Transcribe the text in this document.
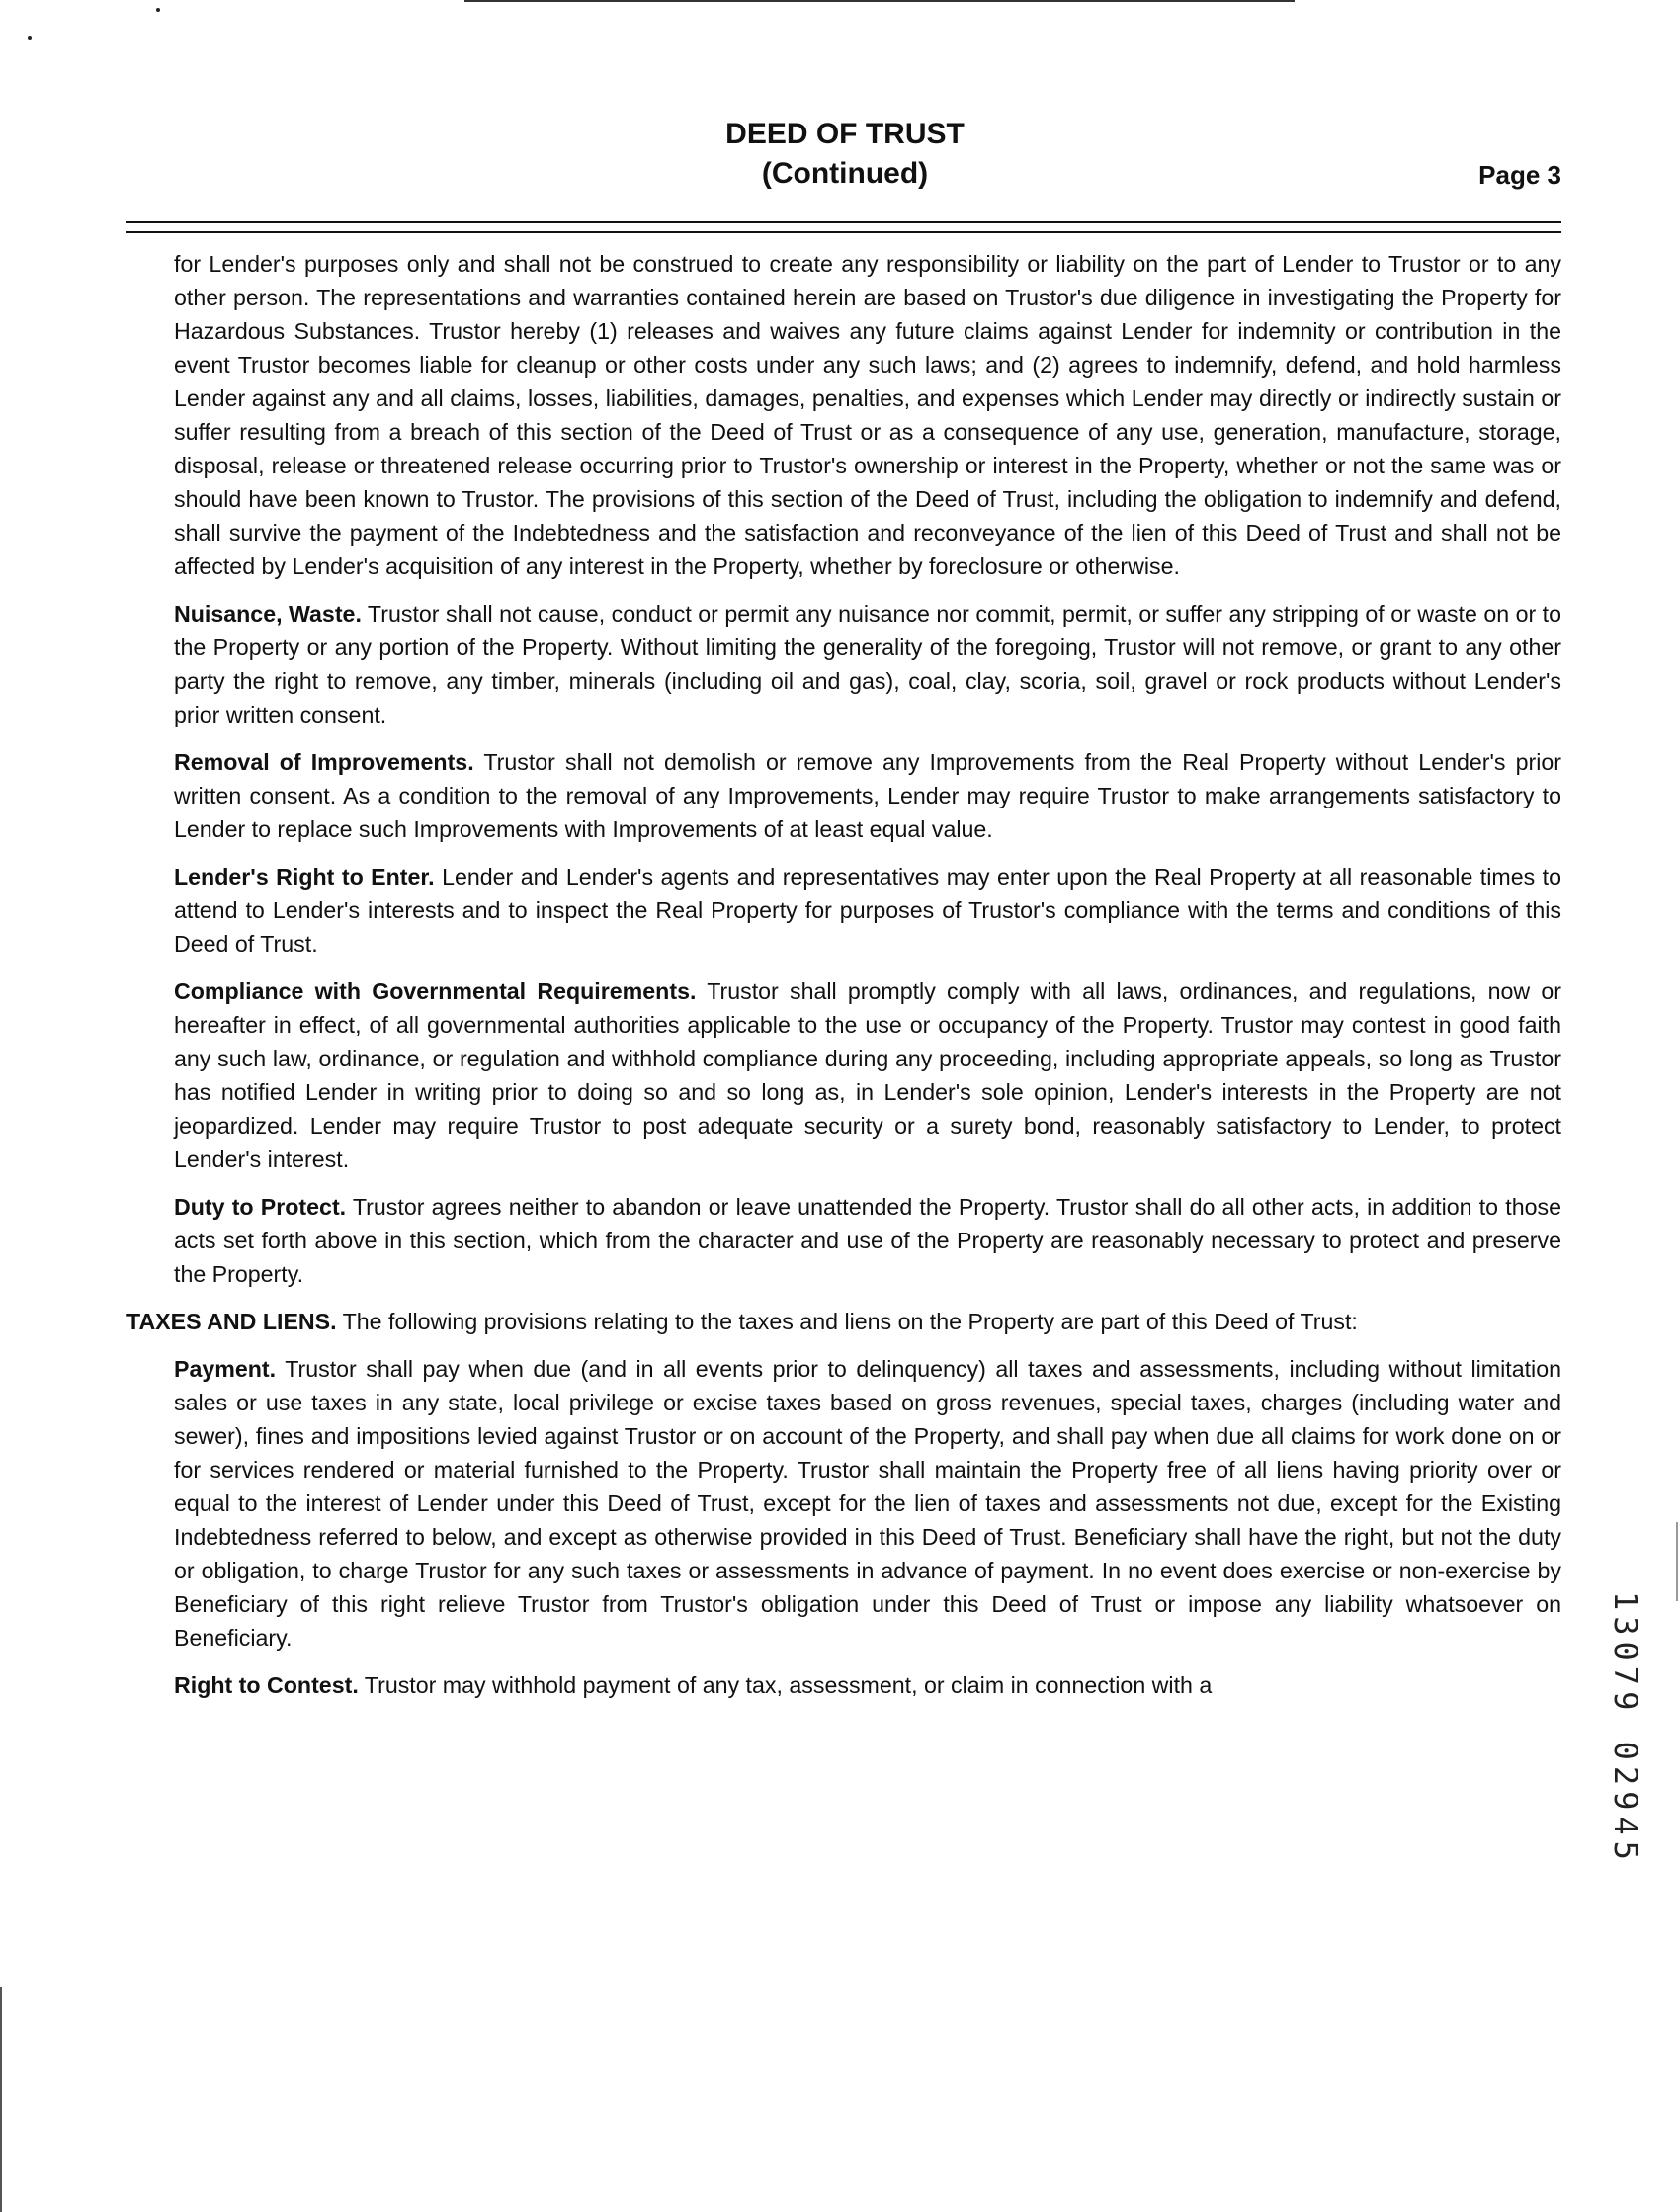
DEED OF TRUST
(Continued)	Page 3

for Lender's purposes only and shall not be construed to create any responsibility or liability on the part of Lender to Trustor or to any other person. The representations and warranties contained herein are based on Trustor's due diligence in investigating the Property for Hazardous Substances. Trustor hereby (1) releases and waives any future claims against Lender for indemnity or contribution in the event Trustor becomes liable for cleanup or other costs under any such laws; and (2) agrees to indemnify, defend, and hold harmless Lender against any and all claims, losses, liabilities, damages, penalties, and expenses which Lender may directly or indirectly sustain or suffer resulting from a breach of this section of the Deed of Trust or as a consequence of any use, generation, manufacture, storage, disposal, release or threatened release occurring prior to Trustor's ownership or interest in the Property, whether or not the same was or should have been known to Trustor. The provisions of this section of the Deed of Trust, including the obligation to indemnify and defend, shall survive the payment of the Indebtedness and the satisfaction and reconveyance of the lien of this Deed of Trust and shall not be affected by Lender's acquisition of any interest in the Property, whether by foreclosure or otherwise.

Nuisance, Waste. Trustor shall not cause, conduct or permit any nuisance nor commit, permit, or suffer any stripping of or waste on or to the Property or any portion of the Property. Without limiting the generality of the foregoing, Trustor will not remove, or grant to any other party the right to remove, any timber, minerals (including oil and gas), coal, clay, scoria, soil, gravel or rock products without Lender's prior written consent.

Removal of Improvements. Trustor shall not demolish or remove any Improvements from the Real Property without Lender's prior written consent. As a condition to the removal of any Improvements, Lender may require Trustor to make arrangements satisfactory to Lender to replace such Improvements with Improvements of at least equal value.

Lender's Right to Enter. Lender and Lender's agents and representatives may enter upon the Real Property at all reasonable times to attend to Lender's interests and to inspect the Real Property for purposes of Trustor's compliance with the terms and conditions of this Deed of Trust.

Compliance with Governmental Requirements. Trustor shall promptly comply with all laws, ordinances, and regulations, now or hereafter in effect, of all governmental authorities applicable to the use or occupancy of the Property. Trustor may contest in good faith any such law, ordinance, or regulation and withhold compliance during any proceeding, including appropriate appeals, so long as Trustor has notified Lender in writing prior to doing so and so long as, in Lender's sole opinion, Lender's interests in the Property are not jeopardized. Lender may require Trustor to post adequate security or a surety bond, reasonably satisfactory to Lender, to protect Lender's interest.

Duty to Protect. Trustor agrees neither to abandon or leave unattended the Property. Trustor shall do all other acts, in addition to those acts set forth above in this section, which from the character and use of the Property are reasonably necessary to protect and preserve the Property.

TAXES AND LIENS. The following provisions relating to the taxes and liens on the Property are part of this Deed of Trust:

Payment. Trustor shall pay when due (and in all events prior to delinquency) all taxes and assessments, including without limitation sales or use taxes in any state, local privilege or excise taxes based on gross revenues, special taxes, charges (including water and sewer), fines and impositions levied against Trustor or on account of the Property, and shall pay when due all claims for work done on or for services rendered or material furnished to the Property. Trustor shall maintain the Property free of all liens having priority over or equal to the interest of Lender under this Deed of Trust, except for the lien of taxes and assessments not due, except for the Existing Indebtedness referred to below, and except as otherwise provided in this Deed of Trust. Beneficiary shall have the right, but not the duty or obligation, to charge Trustor for any such taxes or assessments in advance of payment. In no event does exercise or non-exercise by Beneficiary of this right relieve Trustor from Trustor's obligation under this Deed of Trust or impose any liability whatsoever on Beneficiary.

Right to Contest. Trustor may withhold payment of any tax, assessment, or claim in connection with a	13079 02945
